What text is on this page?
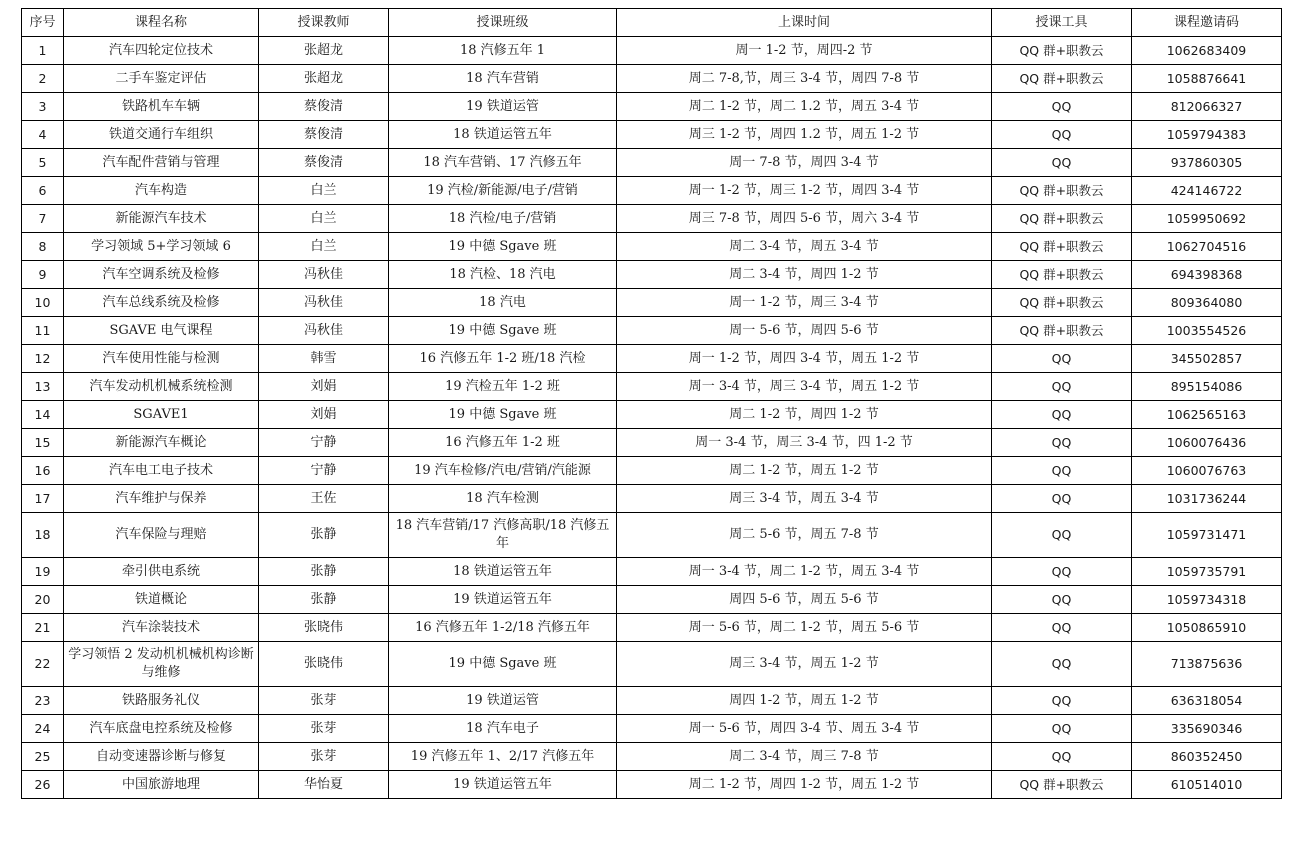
序号	课程名称	授课教师	授课班级	上课时间	授课工具	课程邀请码
1	汽车四轮定位技术	张超龙	18 汽修五年 1	周一 1-2 节，周四-2 节	QQ 群+职教云	1062683409
2	二手车鉴定评估	张超龙	18 汽车营销	周二 7-8,节，周三 3-4 节，周四 7-8 节	QQ 群+职教云	1058876641
3	铁路机车车辆	蔡俊清	19 铁道运管	周二 1-2 节，周二 1.2 节，周五 3-4 节	QQ	812066327
4	铁道交通行车组织	蔡俊清	18 铁道运管五年	周三 1-2 节，周四 1.2 节，周五 1-2 节	QQ	1059794383
5	汽车配件营销与管理	蔡俊清	18 汽车营销、17 汽修五年	周一 7-8 节，周四 3-4 节	QQ	937860305
6	汽车构造	白兰	19 汽检/新能源/电子/营销	周一 1-2 节，周三 1-2 节，周四 3-4 节	QQ 群+职教云	424146722
7	新能源汽车技术	白兰	18 汽检/电子/营销	周三 7-8 节，周四 5-6 节，周六 3-4 节	QQ 群+职教云	1059950692
8	学习领域 5+学习领域 6	白兰	19 中德 Sgave 班	周二 3-4 节，周五 3-4 节	QQ 群+职教云	1062704516
9	汽车空调系统及检修	冯秋佳	18 汽检、18 汽电	周二 3-4 节，周四 1-2 节	QQ 群+职教云	694398368
10	汽车总线系统及检修	冯秋佳	18 汽电	周一 1-2 节，周三 3-4 节	QQ 群+职教云	809364080
11	SGAVE 电气课程	冯秋佳	19 中德 Sgave 班	周一 5-6 节，周四 5-6 节	QQ 群+职教云	1003554526
12	汽车使用性能与检测	韩雪	16 汽修五年 1-2 班/18 汽检	周一 1-2 节，周四 3-4 节，周五 1-2 节	QQ	345502857
13	汽车发动机机械系统检测	刘娟	19 汽检五年 1-2 班	周一 3-4 节，周三 3-4 节，周五 1-2 节	QQ	895154086
14	SGAVE1	刘娟	19 中德 Sgave 班	周二 1-2 节，周四 1-2 节	QQ	1062565163
15	新能源汽车概论	宁静	16 汽修五年 1-2 班	周一 3-4 节，周三 3-4 节，四 1-2 节	QQ	1060076436
16	汽车电工电子技术	宁静	19 汽车检修/汽电/营销/汽能源	周二 1-2 节，周五 1-2 节	QQ	1060076763
17	汽车维护与保养	王佐	18 汽车检测	周三 3-4 节，周五 3-4 节	QQ	1031736244
18	汽车保险与理赔	张静	18 汽车营销/17 汽修高职/18 汽修五年	周二 5-6 节，周五 7-8 节	QQ	1059731471
19	牵引供电系统	张静	18 铁道运管五年	周一 3-4 节，周二 1-2 节，周五 3-4 节	QQ	1059735791
20	铁道概论	张静	19 铁道运管五年	周四 5-6 节，周五 5-6 节	QQ	1059734318
21	汽车涂装技术	张晓伟	16 汽修五年 1-2/18 汽修五年	周一 5-6 节，周二 1-2 节，周五 5-6 节	QQ	1050865910
22	学习领悟 2 发动机机械机构诊断与维修	张晓伟	19 中德 Sgave 班	周三 3-4 节，周五 1-2 节	QQ	713875636
23	铁路服务礼仪	张芽	19 铁道运管	周四 1-2 节，周五 1-2 节	QQ	636318054
24	汽车底盘电控系统及检修	张芽	18 汽车电子	周一 5-6 节，周四 3-4 节、周五 3-4 节	QQ	335690346
25	自动变速器诊断与修复	张芽	19 汽修五年 1、2/17 汽修五年	周二 3-4 节，周三 7-8 节	QQ	860352450
26	中国旅游地理	华怡夏	19 铁道运管五年	周二 1-2 节，周四 1-2 节，周五 1-2 节	QQ 群+职教云	610514010
